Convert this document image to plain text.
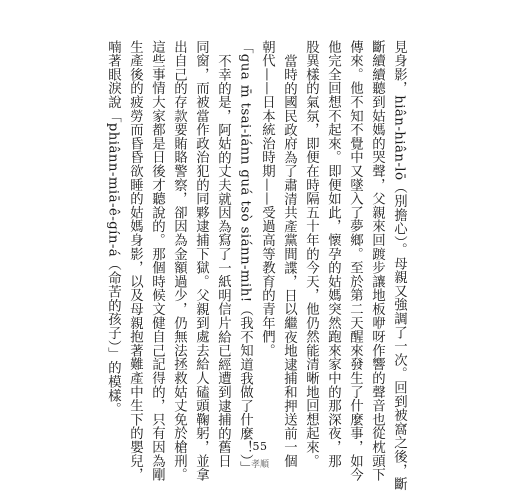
見身影，hiân-hiân-lō（別擔心）。母親又強調了一次。回到被窩之後，斷
斷續續聽到姑媽的哭聲，父親來回踱步讓地板咿呀作響的聲音也從枕頭下
傳來。他不知不覺中又墜入了夢鄉。至於第二天醒來發生了什麼事，如今
他完全回想不起來。即便如此，懷孕的姑媽突然跑來家中的那深夜，那
股異樣的氣氛，即便在時隔五十年的今天，他仍然能清晰地回想起來。
當時的國民政府為了肅清共產黨間諜，日以繼夜地逮捕和押送前一個
朝代——日本統治時期——受過高等教育的青年們。
「gua m̄ tsai-iánn guá tsò siánn-mih!（我不知道我做了什麼！）」
不幸的是，阿姑的丈夫就因為寫了一紙明信片給已經遭到逮捕的舊日
同窗，而被當作政治犯的同夥逮捕下獄。父親到處去給人磕頭鞠躬，並拿
出自己的存款要賄賂警察，卻因為金額過少，仍無法拯救姑丈免於槍刑。
這些事情大家都是日後才聽說的。那個時候文健自己記得的，只有因為剛
生產後的疲勞而昏昏欲睡的姑媽身影，以及母親抱著難產中生下的嬰兒，
喃著眼淚說「phiânn-miā-ê-gín-á（命苦的孩子）」的模樣。
55
孝順
